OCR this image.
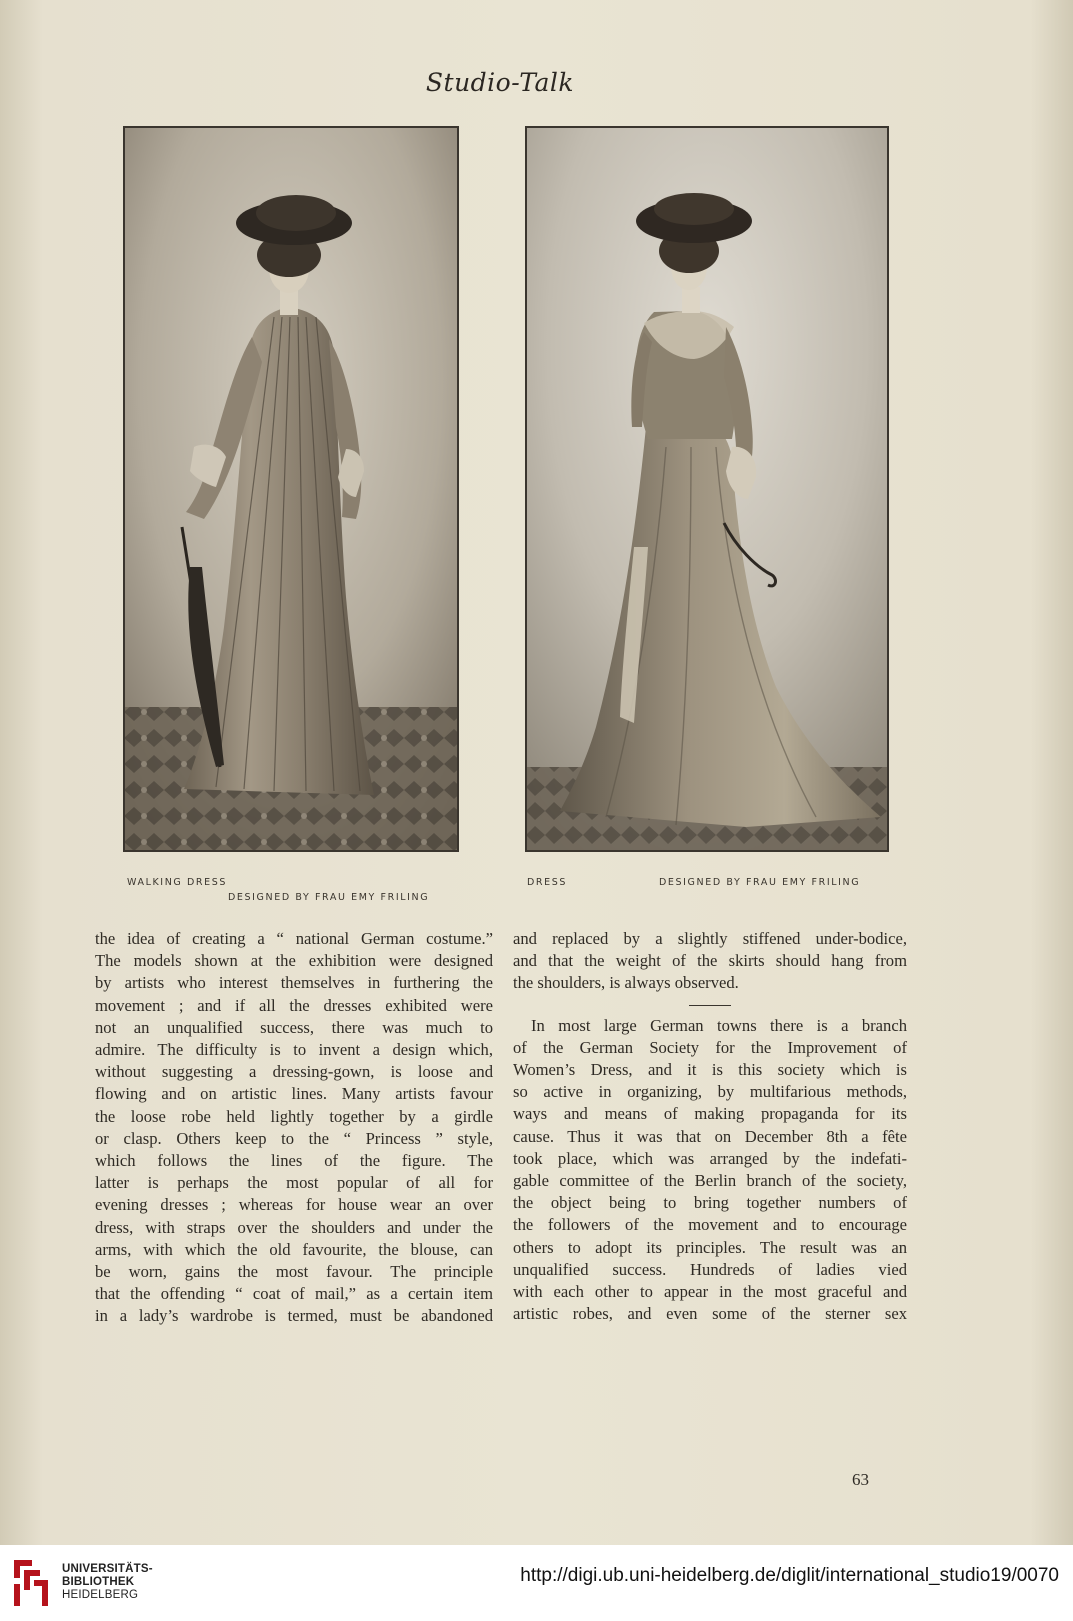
Studio-Talk
WALKING DRESS
DESIGNED BY FRAU EMY FRILING
DRESS	DESIGNED BY FRAU EMY FRILING
the idea of creating a “ national German costume.”
The models shown at the exhibition were designed
by artists who interest themselves in furthering the
movement ; and if all the dresses exhibited were
not an unqualified success, there was much to
admire. The difficulty is to invent a design which,
without suggesting a dressing-gown, is loose and
flowing and on artistic lines. Many artists favour
the loose robe held lightly together by a girdle
or clasp. Others keep to the “ Princess ” style,
which follows the lines of the figure. The
latter is perhaps the most popular of all for
evening dresses ; whereas for house wear an over
dress, with straps over the shoulders and under the
arms, with which the old favourite, the blouse, can
be worn, gains the most favour. The principle
that the offending “ coat of mail,” as a certain item
in a lady’s wardrobe is termed, must be abandoned
and replaced by a slightly stiffened under-bodice,
and that the weight of the skirts should hang from
the shoulders, is always observed.
In most large German towns there is a branch
of the German Society for the Improvement of
Women’s Dress, and it is this society which is
so active in organizing, by multifarious methods,
ways and means of making propaganda for its
cause. Thus it was that on December 8th a fête
took place, which was arranged by the indefati-
gable committee of the Berlin branch of the society,
the object being to bring together numbers of
the followers of the movement and to encourage
others to adopt its principles. The result was an
unqualified success. Hundreds of ladies vied
with each other to appear in the most graceful and
artistic robes, and even some of the sterner sex
63
UNIVERSITÄTS-
BIBLIOTHEK
HEIDELBERG
http://digi.ub.uni-heidelberg.de/diglit/international_studio19/0070
